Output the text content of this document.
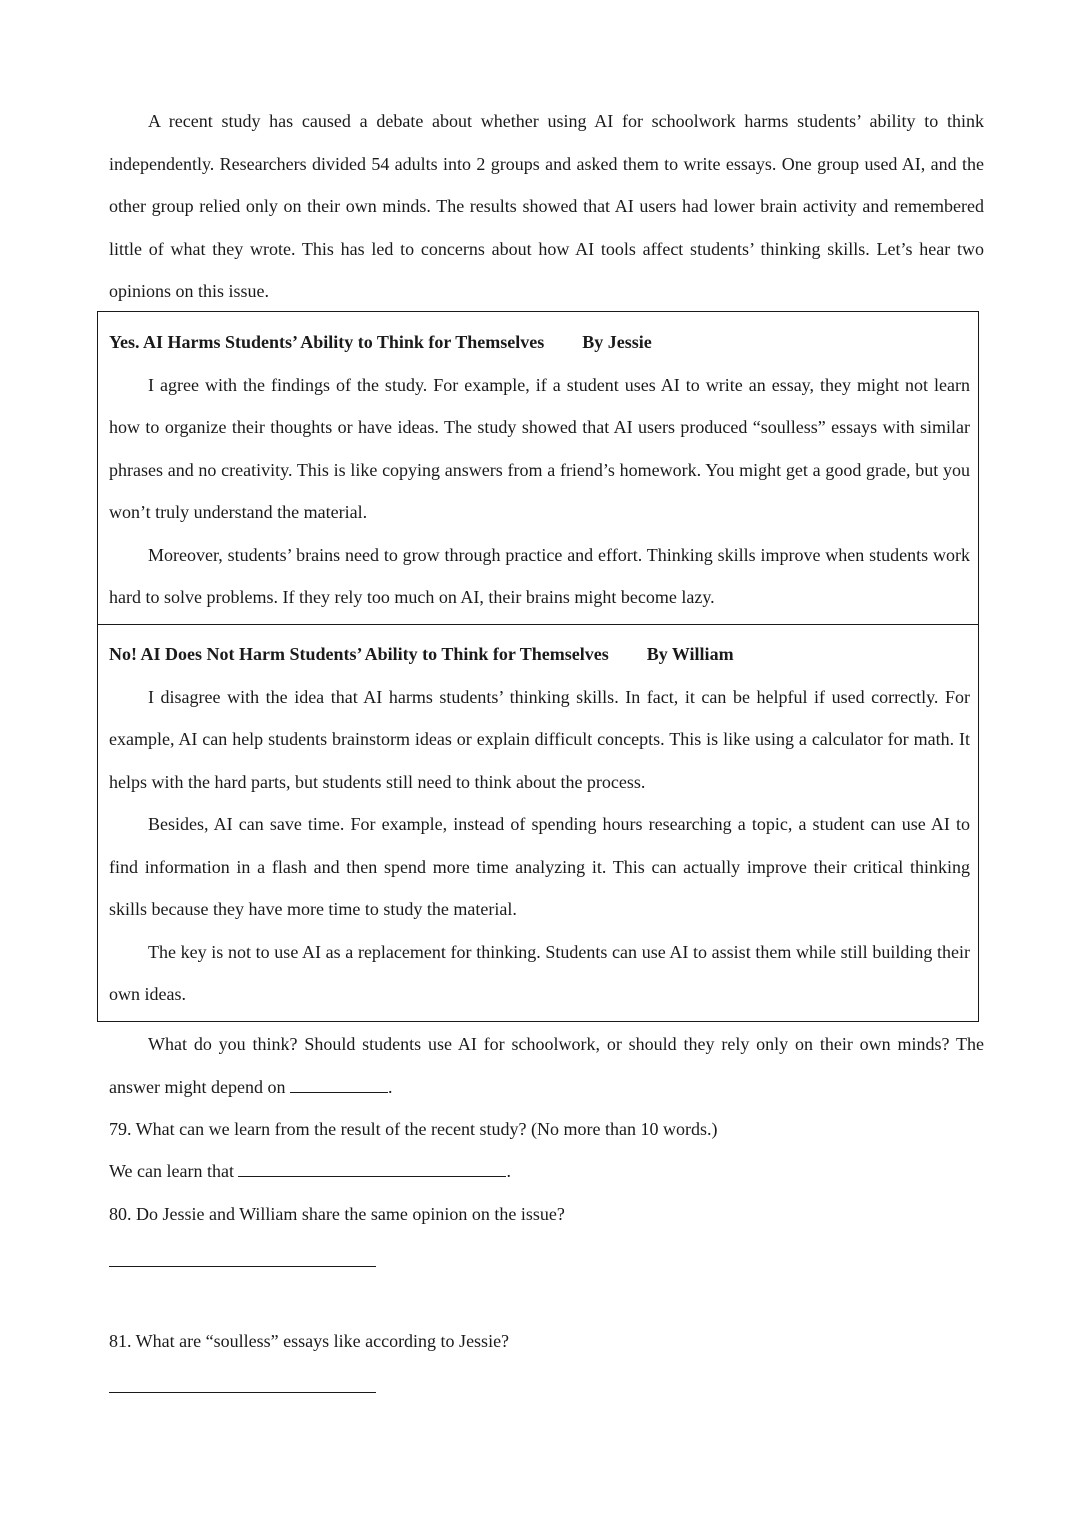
A recent study has caused a debate about whether using AI for schoolwork harms students’ ability to think independently. Researchers divided 54 adults into 2 groups and asked them to write essays. One group used AI, and the other group relied only on their own minds. The results showed that AI users had lower brain activity and remembered little of what they wrote. This has led to concerns about how AI tools affect students’ thinking skills. Let’s hear two opinions on this issue.

Yes. AI Harms Students’ Ability to Think for Themselves By Jessie

I agree with the findings of the study. For example, if a student uses AI to write an essay, they might not learn how to organize their thoughts or have ideas. The study showed that AI users produced “soulless” essays with similar phrases and no creativity. This is like copying answers from a friend’s homework. You might get a good grade, but you won’t truly understand the material.

Moreover, students’ brains need to grow through practice and effort. Thinking skills improve when students work hard to solve problems. If they rely too much on AI, their brains might become lazy.

No! AI Does Not Harm Students’ Ability to Think for Themselves By William

I disagree with the idea that AI harms students’ thinking skills. In fact, it can be helpful if used correctly. For example, AI can help students brainstorm ideas or explain difficult concepts. This is like using a calculator for math. It helps with the hard parts, but students still need to think about the process.

Besides, AI can save time. For example, instead of spending hours researching a topic, a student can use AI to find information in a flash and then spend more time analyzing it. This can actually improve their critical thinking skills because they have more time to study the material.

The key is not to use AI as a replacement for thinking. Students can use AI to assist them while still building their own ideas.

What do you think? Should students use AI for schoolwork, or should they rely only on their own minds? The answer might depend on	.

79. What can we learn from the result of the recent study? (No more than 10 words.)

We can learn that	.

80. Do Jessie and William share the same opinion on the issue?

81. What are “soulless” essays like according to Jessie?
